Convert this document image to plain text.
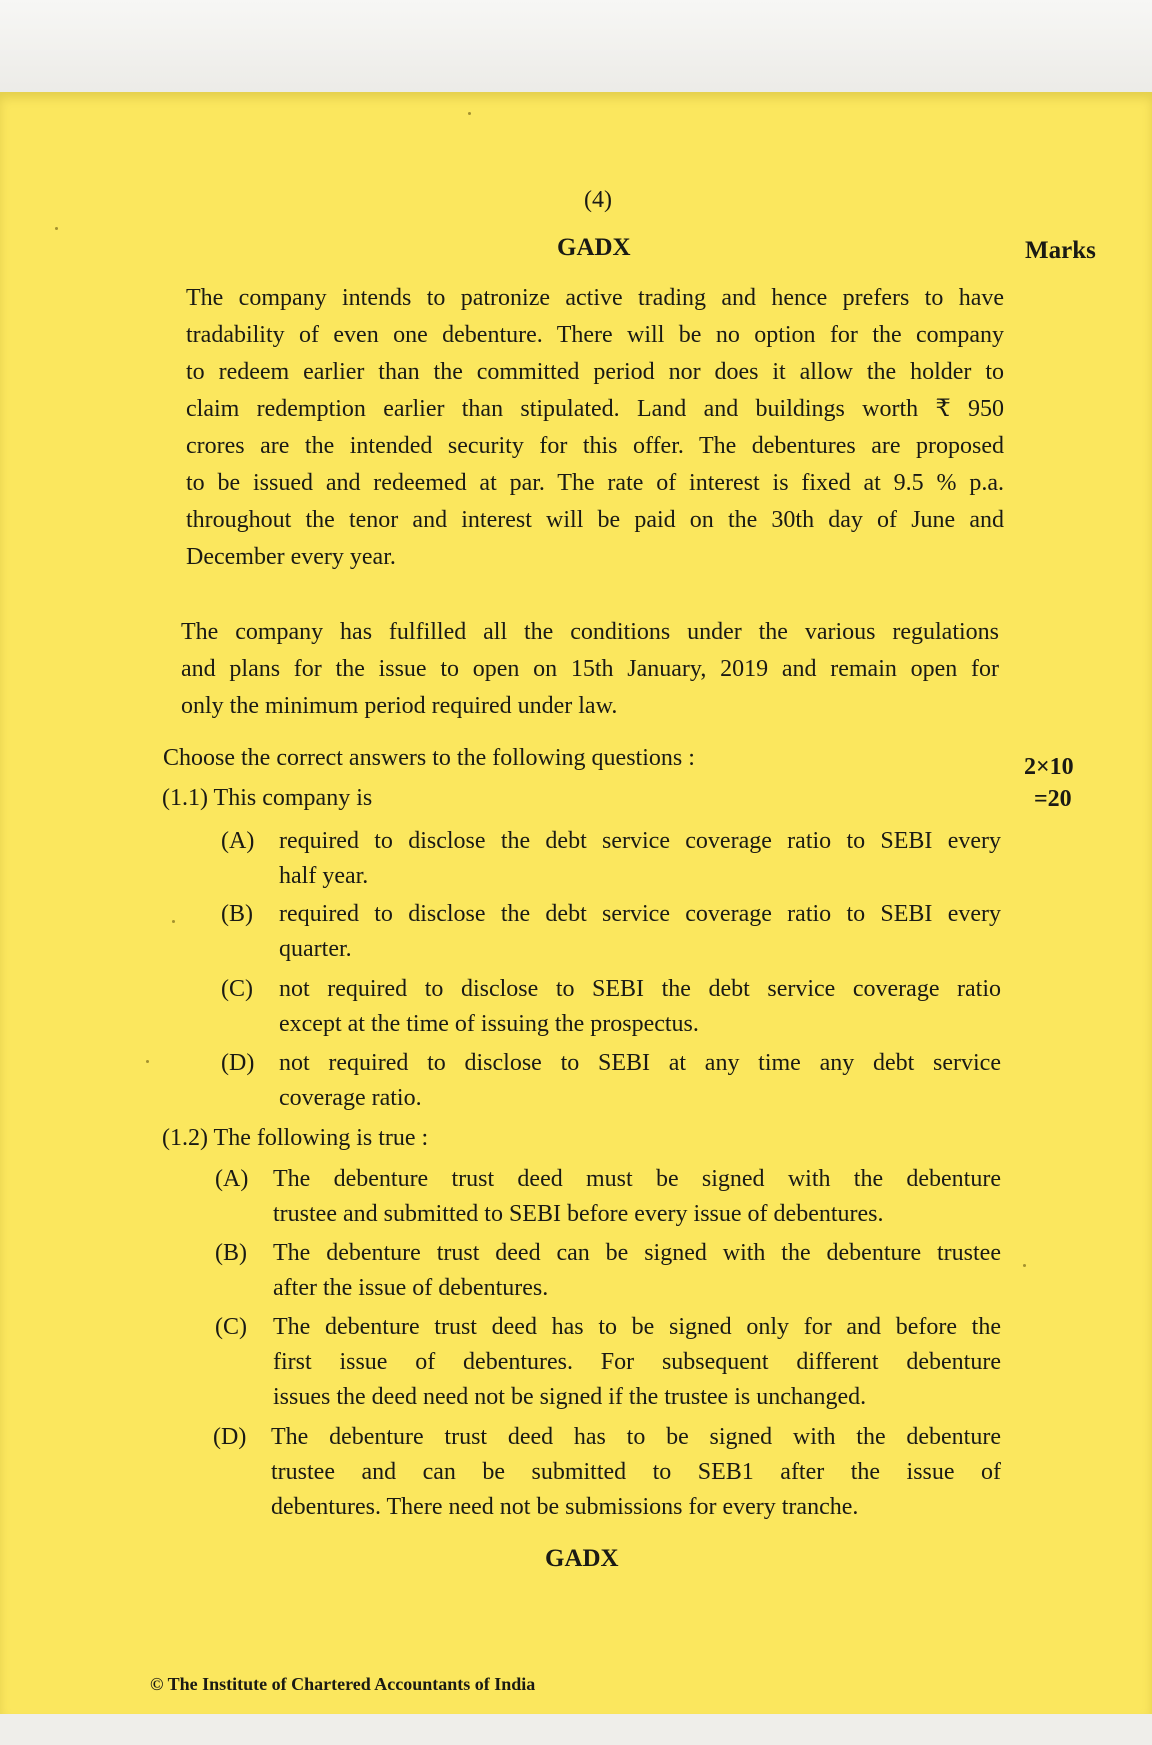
(4)
GADX	Marks
The company intends to patronize active trading and hence prefers to have
tradability of even one debenture. There will be no option for the company
to redeem earlier than the committed period nor does it allow the holder to
claim redemption earlier than stipulated. Land and buildings worth ₹ 950
crores are the intended security for this offer. The debentures are proposed
to be issued and redeemed at par. The rate of interest is fixed at 9.5 % p.a.
throughout the tenor and interest will be paid on the 30th day of June and
December every year.
The company has fulfilled all the conditions under the various regulations
and plans for the issue to open on 15th January, 2019 and remain open for
only the minimum period required under law.
Choose the correct answers to the following questions :	2×10
=20
(1.1) This company is
(A) required to disclose the debt service coverage ratio to SEBI every
half year.
(B) required to disclose the debt service coverage ratio to SEBI every
quarter.
(C) not required to disclose to SEBI the debt service coverage ratio
except at the time of issuing the prospectus.
(D) not required to disclose to SEBI at any time any debt service
coverage ratio.
(1.2) The following is true :
(A) The debenture trust deed must be signed with the debenture
trustee and submitted to SEBI before every issue of debentures.
(B) The debenture trust deed can be signed with the debenture trustee
after the issue of debentures.
(C) The debenture trust deed has to be signed only for and before the
first issue of debentures. For subsequent different debenture
issues the deed need not be signed if the trustee is unchanged.
(D) The debenture trust deed has to be signed with the debenture
trustee and can be submitted to SEB1 after the issue of
debentures. There need not be submissions for every tranche.
GADX
© The Institute of Chartered Accountants of India
